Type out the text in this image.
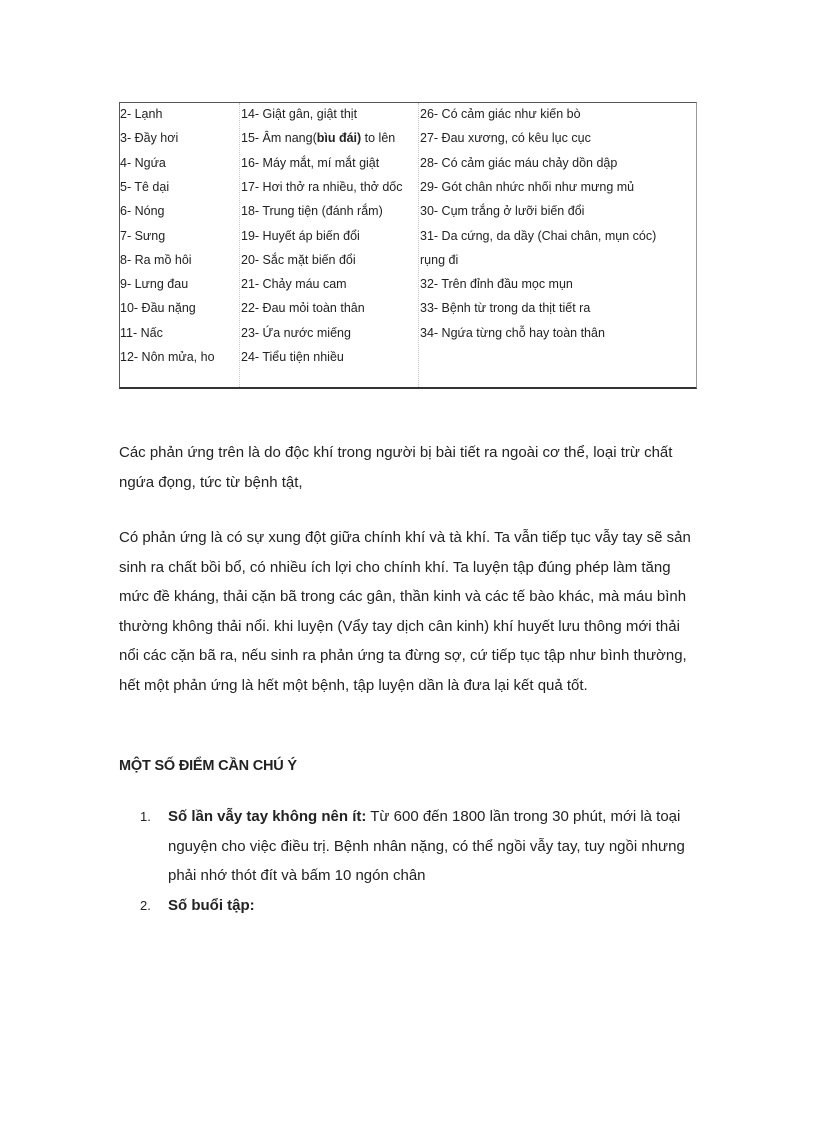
2- Lạnh
3- Đầy hơi
4- Ngứa
5- Tê dại
6- Nóng
7- Sưng
8- Ra mồ hôi
9- Lưng đau
10- Đầu nặng
11- Nấc
12- Nôn mửa, ho
14- Giật gân, giật thịt
15- Âm nang(bìu đái) to lên
16- Máy mắt, mí mắt giật
17- Hơi thở ra nhiều, thở dốc
18- Trung tiện (đánh rắm)
19- Huyết áp biến đổi
20- Sắc mặt biến đổi
21- Chảy máu cam
22- Đau mỏi toàn thân
23- Ứa nước miếng
24- Tiểu tiện nhiều
26- Có cảm giác như kiến bò
27- Đau xương, có kêu lục cục
28- Có cảm giác máu chảy dồn dập
29- Gót chân nhức nhối như mưng mủ
30- Cụm trắng ở lưỡi biến đổi
31- Da cứng, da dầy (Chai chân, mụn cóc)
rụng đi
32- Trên đỉnh đầu mọc mụn
33- Bệnh từ trong da thịt tiết ra
34- Ngứa từng chỗ hay toàn thân

Các phản ứng trên là do độc khí trong người bị bài tiết ra ngoài cơ thể, loại trừ chất ngứa đọng, tức từ bệnh tật,

Có phản ứng là có sự xung đột giữa chính khí và tà khí. Ta vẫn tiếp tục vẫy tay sẽ sản sinh ra chất bồi bổ, có nhiều ích lợi cho chính khí. Ta luyện tập đúng phép làm tăng mức đề kháng, thải cặn bã trong các gân, thần kinh và các tế bào khác, mà máu bình thường không thải nổi. khi luyện (Vẩy tay dịch cân kinh) khí huyết lưu thông mới thải nổi các cặn bã ra, nếu sinh ra phản ứng ta đừng sợ, cứ tiếp tục tập như bình thường, hết một phản ứng là hết một bệnh, tập luyện dần là đưa lại kết quả tốt.

MỘT SỐ ĐIỂM CẦN CHÚ Ý
1. Số lần vẫy tay không nên ít: Từ 600 đến 1800 lần trong 30 phút, mới là toại nguyện cho việc điều trị. Bệnh nhân nặng, có thể ngồi vẫy tay, tuy ngồi nhưng phải nhớ thót đít và bấm 10 ngón chân
2. Số buổi tập:
